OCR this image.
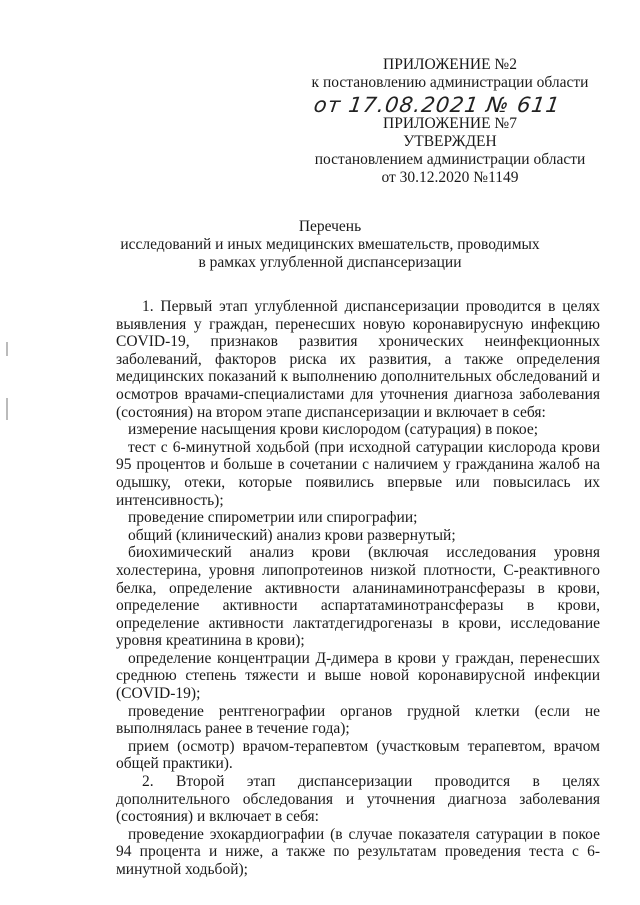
ПРИЛОЖЕНИЕ №2
к постановлению администрации области
от 17.08.2021 № 611
ПРИЛОЖЕНИЕ №7
УТВЕРЖДЕН
постановлением администрации области
от 30.12.2020 №1149
Перечень
исследований и иных медицинских вмешательств, проводимых
в рамках углубленной диспансеризации

1. Первый этап углубленной диспансеризации проводится в целях выявления у граждан, перенесших новую коронавирусную инфекцию COVID-19, признаков развития хронических неинфекционных заболеваний, факторов риска их развития, а также определения медицинских показаний к выполнению дополнительных обследований и осмотров врачами-специалистами для уточнения диагноза заболевания (состояния) на втором этапе диспансеризации и включает в себя:

измерение насыщения крови кислородом (сатурация) в покое;

тест с 6-минутной ходьбой (при исходной сатурации кислорода крови 95 процентов и больше в сочетании с наличием у гражданина жалоб на одышку, отеки, которые появились впервые или повысилась их интенсивность);

проведение спирометрии или спирографии;

общий (клинический) анализ крови развернутый;

биохимический анализ крови (включая исследования уровня холестерина, уровня липопротеинов низкой плотности, С-реактивного белка, определение активности аланинаминотрансферазы в крови, определение активности аспартатаминотрансферазы в крови, определение активности лактатдегидрогеназы в крови, исследование уровня креатинина в крови);

определение концентрации Д-димера в крови у граждан, перенесших среднюю степень тяжести и выше новой коронавирусной инфекции (COVID-19);

проведение рентгенографии органов грудной клетки (если не выполнялась ранее в течение года);

прием (осмотр) врачом-терапевтом (участковым терапевтом, врачом общей практики).

2. Второй этап диспансеризации проводится в целях дополнительного обследования и уточнения диагноза заболевания (состояния) и включает в себя:

проведение эхокардиографии (в случае показателя сатурации в покое 94 процента и ниже, а также по результатам проведения теста с 6-минутной ходьбой);
